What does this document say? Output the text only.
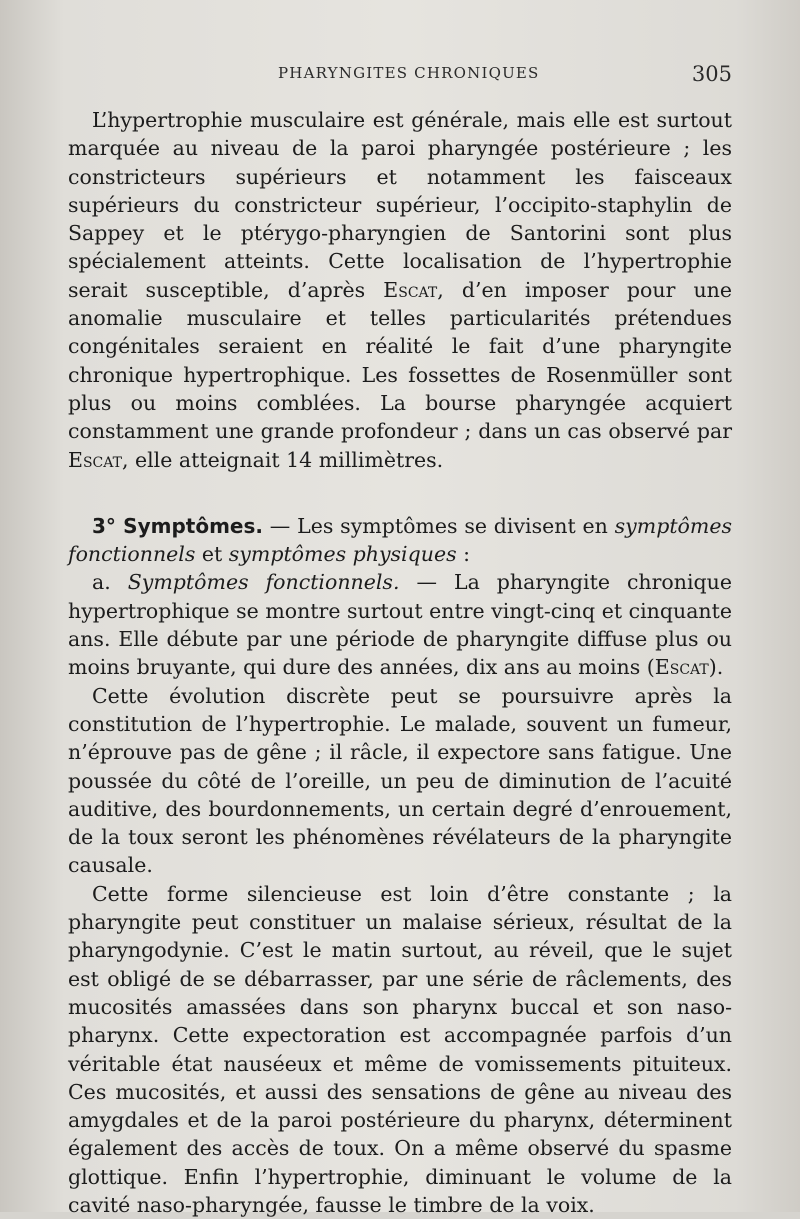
PHARYNGITES CHRONIQUES	305

L’hypertrophie musculaire est générale, mais elle est surtout marquée au niveau de la paroi pharyngée postérieure ; les constricteurs supérieurs et notamment les faisceaux supérieurs du constricteur supérieur, l’occipito-staphylin de Sappey et le ptérygo-pharyngien de Santorini sont plus spécialement atteints. Cette localisation de l’hypertrophie serait susceptible, d’après Escat, d’en imposer pour une anomalie musculaire et telles particularités prétendues congénitales seraient en réalité le fait d’une pharyngite chronique hypertrophique. Les fossettes de Rosenmüller sont plus ou moins comblées. La bourse pharyngée acquiert constamment une grande profondeur ; dans un cas observé par Escat, elle atteignait 14 millimètres.

3° Symptômes. — Les symptômes se divisent en symptômes fonctionnels et symptômes physiques :

a. Symptômes fonctionnels. — La pharyngite chronique hypertrophique se montre surtout entre vingt-cinq et cinquante ans. Elle débute par une période de pharyngite diffuse plus ou moins bruyante, qui dure des années, dix ans au moins (Escat).

Cette évolution discrète peut se poursuivre après la constitution de l’hypertrophie. Le malade, souvent un fumeur, n’éprouve pas de gêne ; il râcle, il expectore sans fatigue. Une poussée du côté de l’oreille, un peu de diminution de l’acuité auditive, des bourdonnements, un certain degré d’enrouement, de la toux seront les phénomènes révélateurs de la pharyngite causale.

Cette forme silencieuse est loin d’être constante ; la pharyngite peut constituer un malaise sérieux, résultat de la pharyngodynie. C’est le matin surtout, au réveil, que le sujet est obligé de se débarrasser, par une série de râclements, des mucosités amassées dans son pharynx buccal et son naso-pharynx. Cette expectoration est accompagnée parfois d’un véritable état nauséeux et même de vomissements pituiteux. Ces mucosités, et aussi des sensations de gêne au niveau des amygdales et de la paroi postérieure du pharynx, déterminent également des accès de toux. On a même observé du spasme glottique. Enfin l’hypertrophie, diminuant le volume de la cavité naso-pharyngée, fausse le timbre de la voix.
